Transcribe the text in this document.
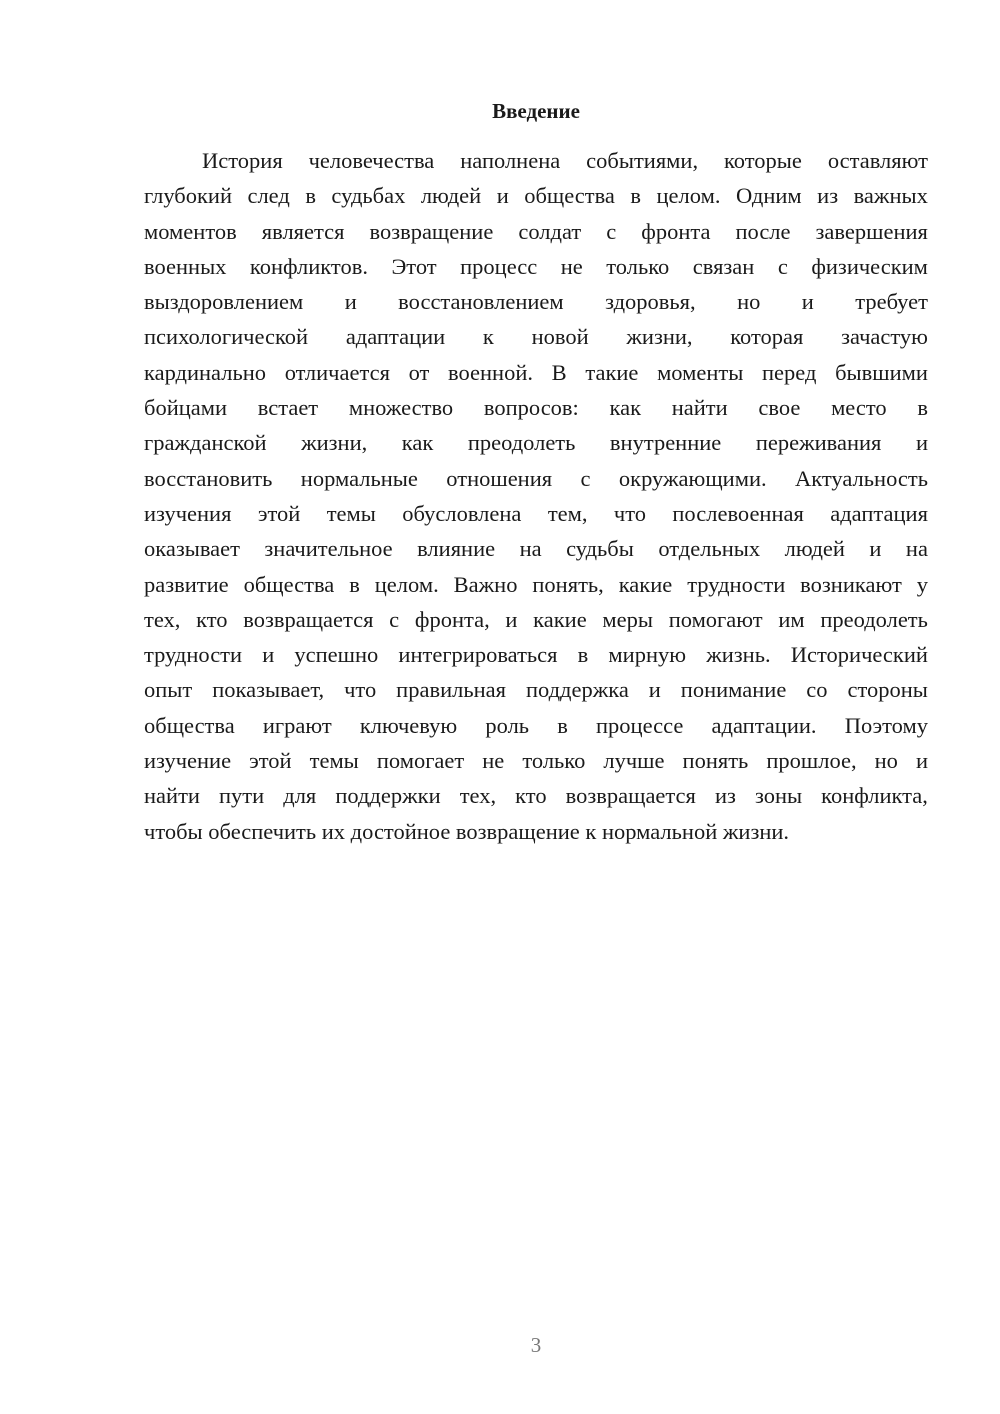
Введение
История человечества наполнена событиями, которые оставляют
глубокий след в судьбах людей и общества в целом. Одним из важных
моментов является возвращение солдат с фронта после завершения
военных конфликтов. Этот процесс не только связан с физическим
выздоровлением и восстановлением здоровья, но и требует
психологической адаптации к новой жизни, которая зачастую
кардинально отличается от военной. В такие моменты перед бывшими
бойцами встает множество вопросов: как найти свое место в
гражданской жизни, как преодолеть внутренние переживания и
восстановить нормальные отношения с окружающими. Актуальность
изучения этой темы обусловлена тем, что послевоенная адаптация
оказывает значительное влияние на судьбы отдельных людей и на
развитие общества в целом. Важно понять, какие трудности возникают у
тех, кто возвращается с фронта, и какие меры помогают им преодолеть
трудности и успешно интегрироваться в мирную жизнь. Исторический
опыт показывает, что правильная поддержка и понимание со стороны
общества играют ключевую роль в процессе адаптации. Поэтому
изучение этой темы помогает не только лучше понять прошлое, но и
найти пути для поддержки тех, кто возвращается из зоны конфликта,
чтобы обеспечить их достойное возвращение к нормальной жизни.
3
